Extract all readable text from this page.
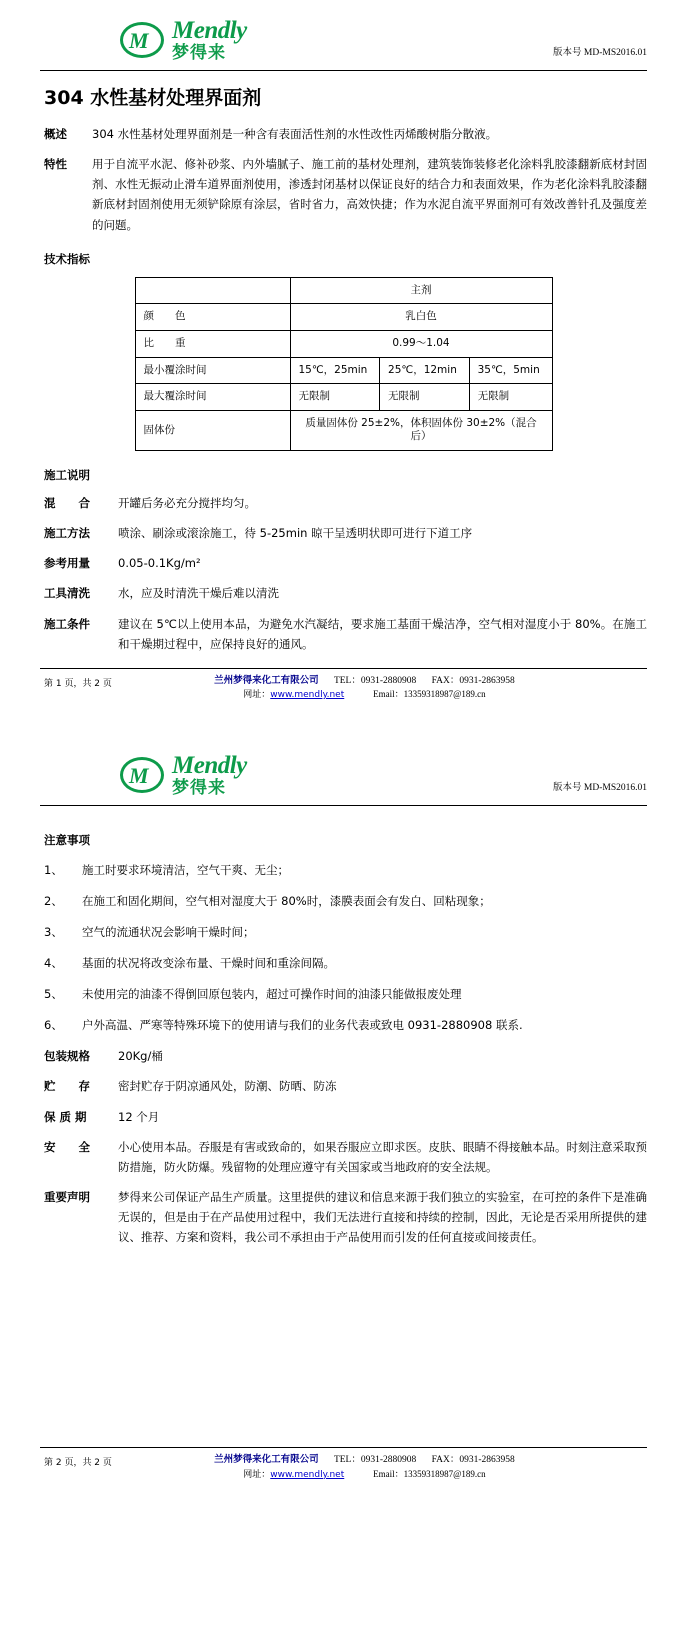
M Mendly
梦得来	版本号 MD-MS2016.01
304 水性基材处理界面剂
概述	304 水性基材处理界面剂是一种含有表面活性剂的水性改性丙烯酸树脂分散液。
特性	用于自流平水泥、修补砂浆、内外墙腻子、施工前的基材处理剂，建筑装饰装修老化涂料乳胶漆翻新底材封固剂、水性无振动止滑车道界面剂使用，渗透封闭基材以保证良好的结合力和表面效果，作为老化涂料乳胶漆翻新底材封固剂使用无须铲除原有涂层，省时省力，高效快捷；作为水泥自流平界面剂可有效改善针孔及强度差的问题。
技术指标
	主剂		
颜　　色	乳白色		
比　　重	0.99～1.04		
最小覆涂时间	15℃，25min	25℃，12min	35℃，5min
最大覆涂时间	无限制	无限制	无限制
固体份	质量固体份 25±2%，体积固体份 30±2%（混合后）		
施工说明
混　　合	开罐后务必充分搅拌均匀。
施工方法	喷涂、刷涂或滚涂施工，待 5-25min 晾干呈透明状即可进行下道工序
参考用量	0.05-0.1Kg/m²
工具清洗	水，应及时清洗干燥后难以清洗
施工条件	建议在 5℃以上使用本品，为避免水汽凝结，要求施工基面干燥洁净，空气相对湿度小于 80%。在施工和干燥期过程中，应保持良好的通风。
第 1 页，共 2 页	兰州梦得来化工有限公司 TEL：0931-2880908 FAX：0931-2863958
网址：www.mendly.net	Email：13359318987@189.cn
M Mendly
梦得来	版本号 MD-MS2016.01
注意事项
1、	施工时要求环境清洁，空气干爽、无尘；
2、	在施工和固化期间，空气相对湿度大于 80%时，漆膜表面会有发白、回粘现象；
3、	空气的流通状况会影响干燥时间；
4、	基面的状况将改变涂布量、干燥时间和重涂间隔。
5、	未使用完的油漆不得倒回原包装内，超过可操作时间的油漆只能做报废处理
6、	户外高温、严寒等特殊环境下的使用请与我们的业务代表或致电 0931-2880908 联系.
包装规格	20Kg/桶
贮　　存	密封贮存于阴凉通风处，防潮、防晒、防冻
保 质 期	12 个月
安　　全	小心使用本品。吞服是有害或致命的，如果吞服应立即求医。皮肤、眼睛不得接触本品。时刻注意采取预防措施，防火防爆。残留物的处理应遵守有关国家或当地政府的安全法规。
重要声明	梦得来公司保证产品生产质量。这里提供的建议和信息来源于我们独立的实验室，在可控的条件下是准确无误的，但是由于在产品使用过程中，我们无法进行直接和持续的控制，因此，无论是否采用所提供的建议、推荐、方案和资料，我公司不承担由于产品使用而引发的任何直接或间接责任。
第 2 页，共 2 页	兰州梦得来化工有限公司 TEL：0931-2880908 FAX：0931-2863958
网址：www.mendly.net	Email：13359318987@189.cn
